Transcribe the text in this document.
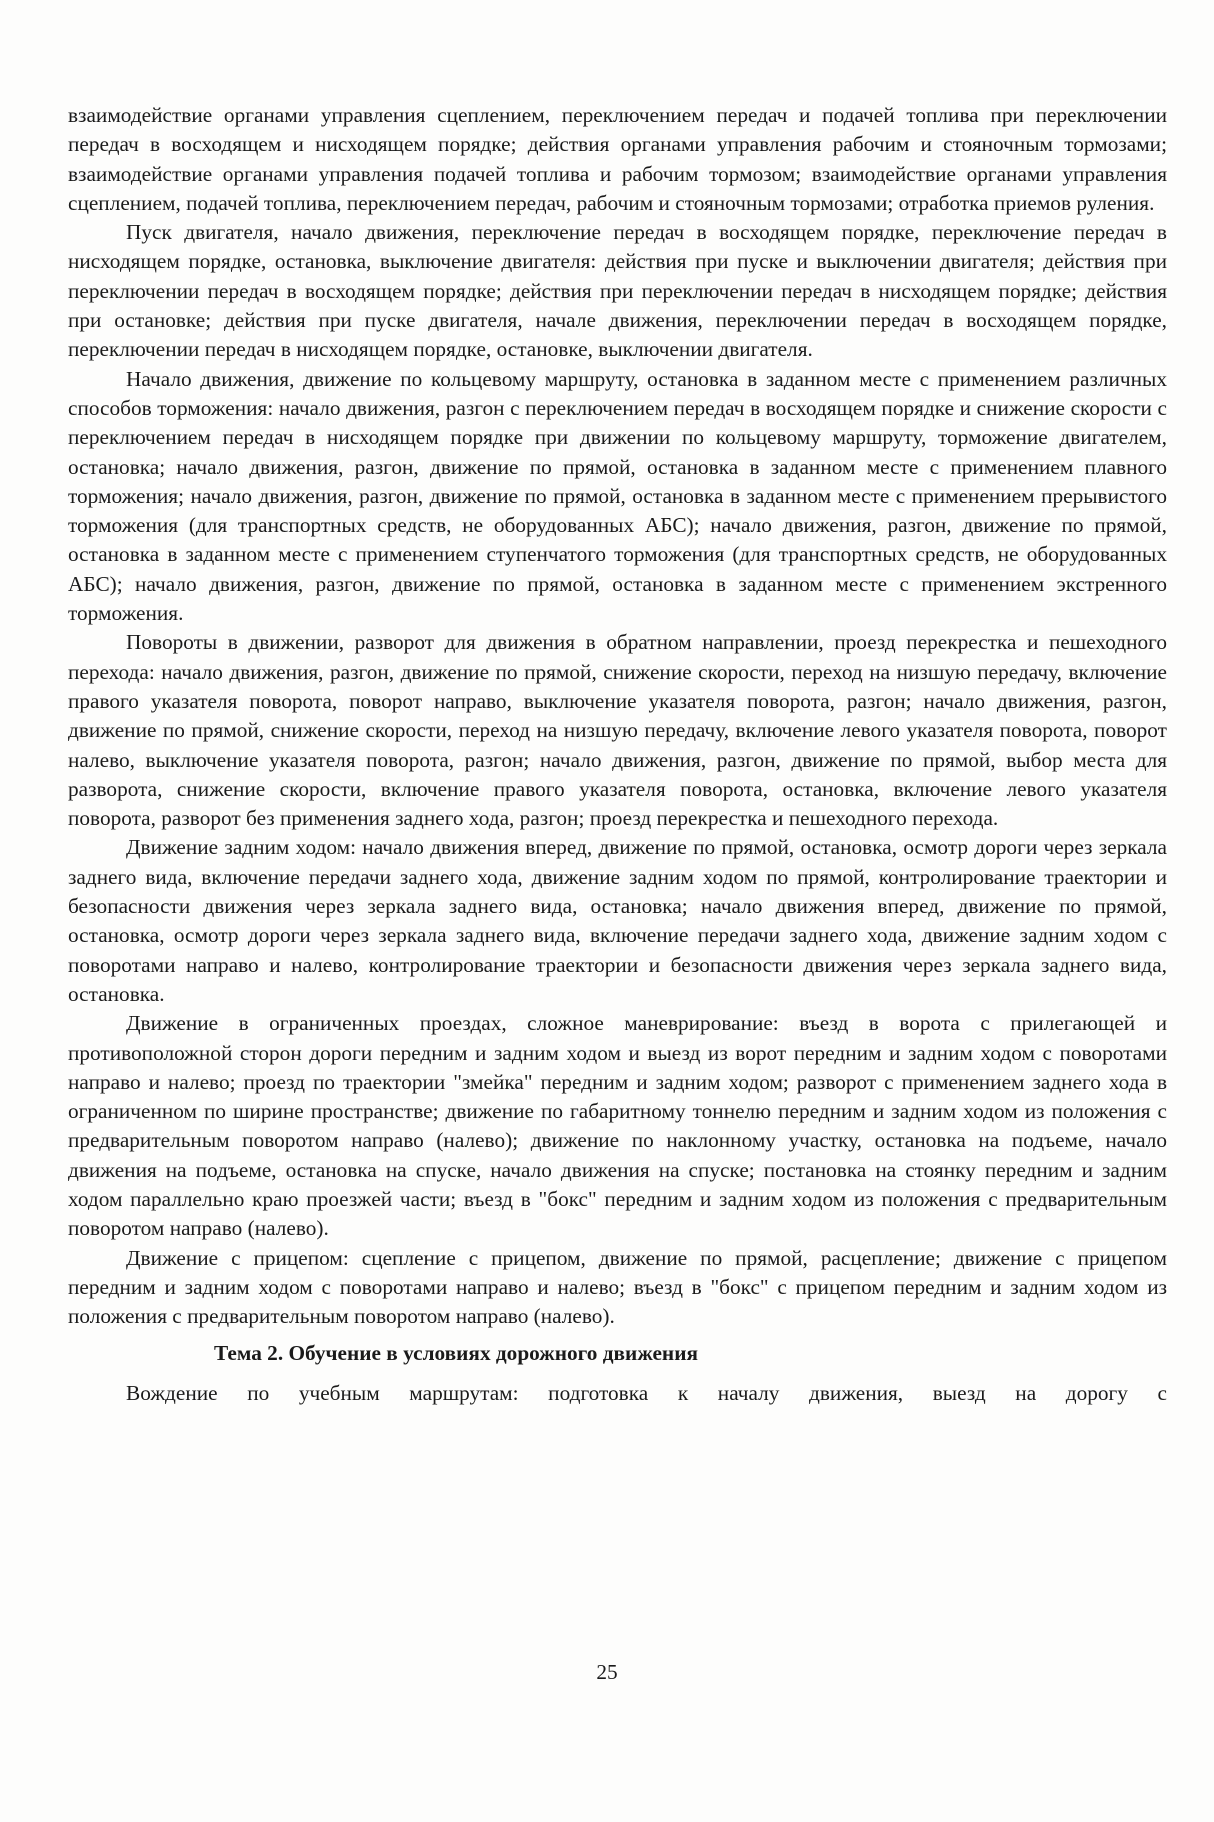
взаимодействие органами управления сцеплением, переключением передач и подачей топлива при переключении передач в восходящем и нисходящем порядке; действия органами управления рабочим и стояночным тормозами; взаимодействие органами управления подачей топлива и рабочим тормозом; взаимодействие органами управления сцеплением, подачей топлива, переключением передач, рабочим и стояночным тормозами; отработка приемов руления.

Пуск двигателя, начало движения, переключение передач в восходящем порядке, переключение передач в нисходящем порядке, остановка, выключение двигателя: действия при пуске и выключении двигателя; действия при переключении передач в восходящем порядке; действия при переключении передач в нисходящем порядке; действия при остановке; действия при пуске двигателя, начале движения, переключении передач в восходящем порядке, переключении передач в нисходящем порядке, остановке, выключении двигателя.

Начало движения, движение по кольцевому маршруту, остановка в заданном месте с применением различных способов торможения: начало движения, разгон с переключением передач в восходящем порядке и снижение скорости с переключением передач в нисходящем порядке при движении по кольцевому маршруту, торможение двигателем, остановка; начало движения, разгон, движение по прямой, остановка в заданном месте с применением плавного торможения; начало движения, разгон, движение по прямой, остановка в заданном месте с применением прерывистого торможения (для транспортных средств, не оборудованных АБС); начало движения, разгон, движение по прямой, остановка в заданном месте с применением ступенчатого торможения (для транспортных средств, не оборудованных АБС); начало движения, разгон, движение по прямой, остановка в заданном месте с применением экстренного торможения.

Повороты в движении, разворот для движения в обратном направлении, проезд перекрестка и пешеходного перехода: начало движения, разгон, движение по прямой, снижение скорости, переход на низшую передачу, включение правого указателя поворота, поворот направо, выключение указателя поворота, разгон; начало движения, разгон, движение по прямой, снижение скорости, переход на низшую передачу, включение левого указателя поворота, поворот налево, выключение указателя поворота, разгон; начало движения, разгон, движение по прямой, выбор места для разворота, снижение скорости, включение правого указателя поворота, остановка, включение левого указателя поворота, разворот без применения заднего хода, разгон; проезд перекрестка и пешеходного перехода.

Движение задним ходом: начало движения вперед, движение по прямой, остановка, осмотр дороги через зеркала заднего вида, включение передачи заднего хода, движение задним ходом по прямой, контролирование траектории и безопасности движения через зеркала заднего вида, остановка; начало движения вперед, движение по прямой, остановка, осмотр дороги через зеркала заднего вида, включение передачи заднего хода, движение задним ходом с поворотами направо и налево, контролирование траектории и безопасности движения через зеркала заднего вида, остановка.

Движение в ограниченных проездах, сложное маневрирование: въезд в ворота с прилегающей и противоположной сторон дороги передним и задним ходом и выезд из ворот передним и задним ходом с поворотами направо и налево; проезд по траектории "змейка" передним и задним ходом; разворот с применением заднего хода в ограниченном по ширине пространстве; движение по габаритному тоннелю передним и задним ходом из положения с предварительным поворотом направо (налево); движение по наклонному участку, остановка на подъеме, начало движения на подъеме, остановка на спуске, начало движения на спуске; постановка на стоянку передним и задним ходом параллельно краю проезжей части; въезд в "бокс" передним и задним ходом из положения с предварительным поворотом направо (налево).

Движение с прицепом: сцепление с прицепом, движение по прямой, расцепление; движение с прицепом передним и задним ходом с поворотами направо и налево; въезд в "бокс" с прицепом передним и задним ходом из положения с предварительным поворотом направо (налево).

Тема 2. Обучение в условиях дорожного движения

Вождение по учебным маршрутам: подготовка к началу движения, выезд на дорогу с

25
